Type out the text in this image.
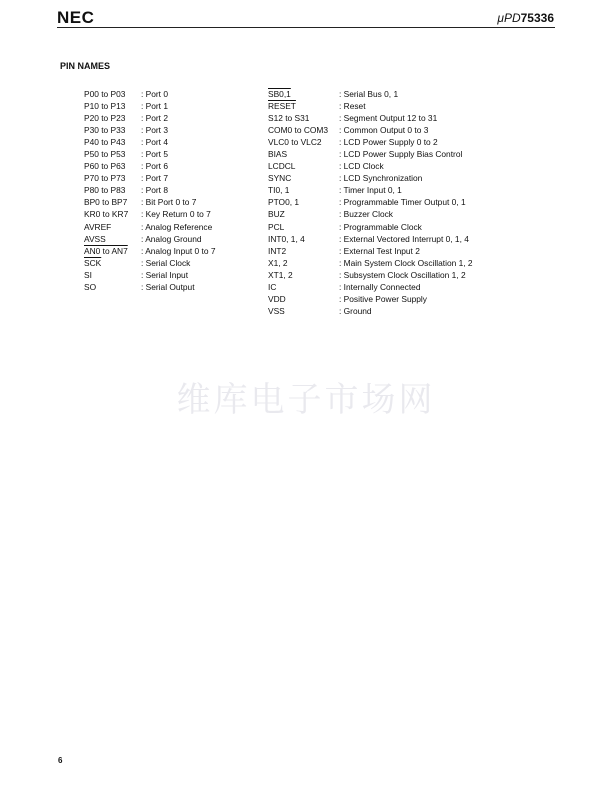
NEC	μPD75336
PIN NAMES
P00 to P03	: Port 0
P10 to P13	: Port 1
P20 to P23	: Port 2
P30 to P33	: Port 3
P40 to P43	: Port 4
P50 to P53	: Port 5
P60 to P63	: Port 6
P70 to P73	: Port 7
P80 to P83	: Port 8
BP0 to BP7	: Bit Port 0 to 7
KR0 to KR7	: Key Return 0 to 7
AVREF	: Analog Reference
AVSS	: Analog Ground
AN0 to AN7	: Analog Input 0 to 7
$\overline{SCK}$	: Serial Clock
SI	: Serial Input
SO	: Serial Output
SB0,1	: Serial Bus 0, 1
RESET	: Reset
S12 to S31	: Segment Output 12 to 31
COM0 to COM3	: Common Output 0 to 3
VLC0 to VLC2	: LCD Power Supply 0 to 2
BIAS	: LCD Power Supply Bias Control
LCDCL	: LCD Clock
SYNC	: LCD Synchronization
TI0, 1	: Timer Input 0, 1
PTO0, 1	: Programmable Timer Output 0, 1
BUZ	: Buzzer Clock
PCL	: Programmable Clock
INT0, 1, 4	: External Vectored Interrupt 0, 1, 4
INT2	: External Test Input 2
X1, 2	: Main System Clock Oscillation 1, 2
XT1, 2	: Subsystem Clock Oscillation 1, 2
IC	: Internally Connected
VDD	: Positive Power Supply
VSS	: Ground
维库电子市场网
6
